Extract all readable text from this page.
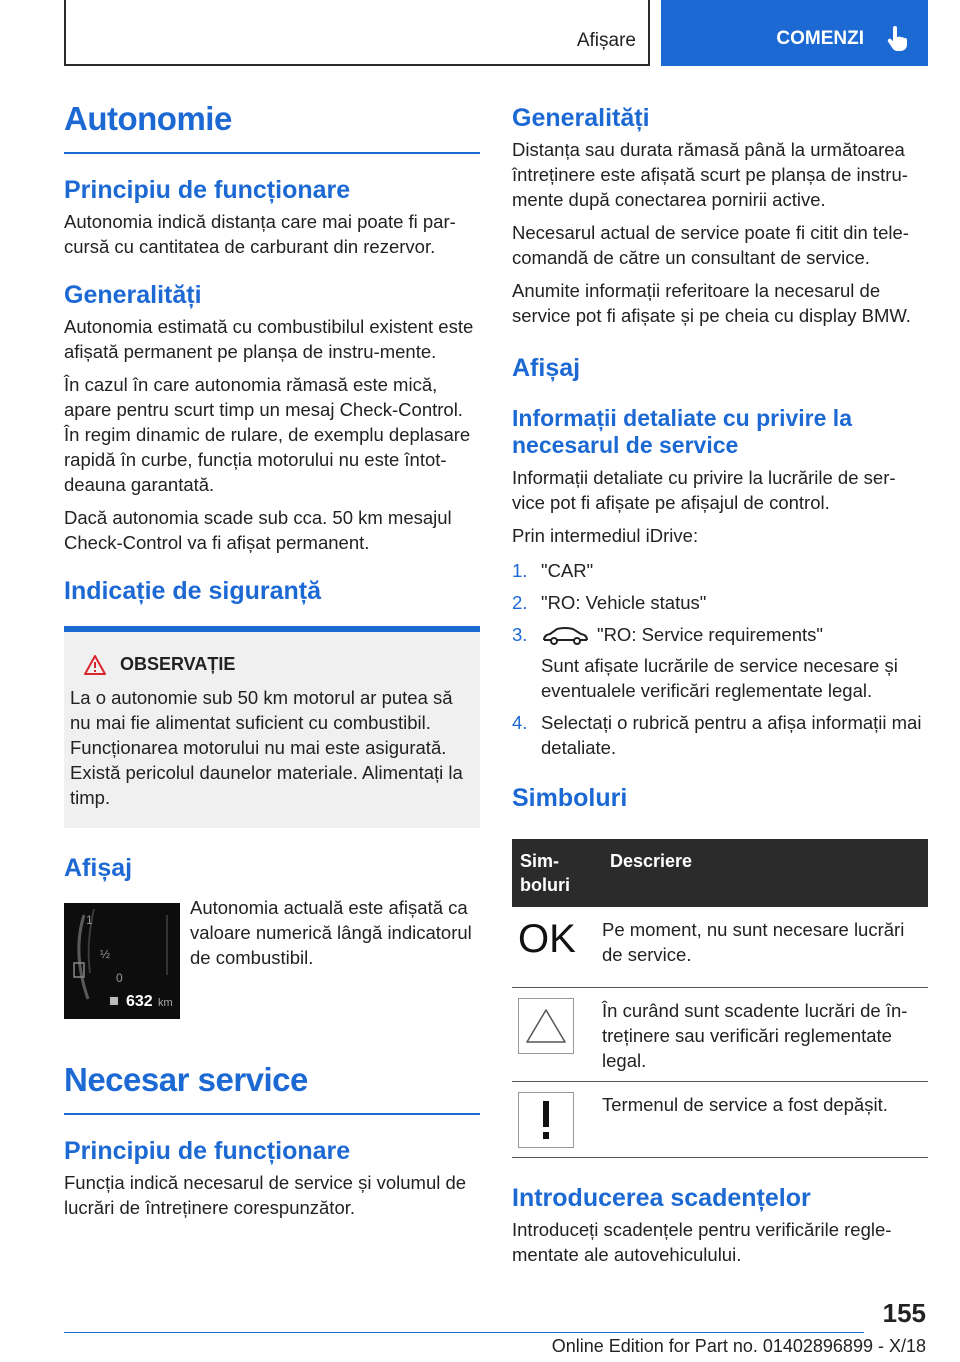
Afișare	COMENZI
Autonomie
Principiu de funcționare

Autonomia indică distanța care mai poate fi par-cursă cu cantitatea de carburant din rezervor.

Generalități

Autonomia estimată cu combustibilul existent este afișată permanent pe planșa de instru-mente.

În cazul în care autonomia rămasă este mică, apare pentru scurt timp un mesaj Check-Control. În regim dinamic de rulare, de exemplu deplasare rapidă în curbe, funcția motorului nu este întot-deauna garantată.

Dacă autonomia scade sub cca. 50 km mesajul Check-Control va fi afișat permanent.

Indicație de siguranță
OBSERVAȚIE

La o autonomie sub 50 km motorul ar putea să nu mai fie alimentat suficient cu combustibil. Funcționarea motorului nu mai este asigurată. Există pericolul daunelor materiale. Alimentați la timp.

Afișaj
1
½
0
632 km

Autonomia actuală este afișată ca valoare numerică lângă indicatorul de combustibil.

Necesar service
Principiu de funcționare

Funcția indică necesarul de service și volumul de lucrări de întreținere corespunzător.

Generalități

Distanța sau durata rămasă până la următoarea întreținere este afișată scurt pe planșa de instru-mente după conectarea pornirii active.

Necesarul actual de service poate fi citit din tele-comandă de către un consultant de service.

Anumite informații referitoare la necesarul de service pot fi afișate și pe cheia cu display BMW.

Afișaj
Informații detaliate cu privire la necesarul de service

Informații detaliate cu privire la lucrările de ser-vice pot fi afișate pe afișajul de control.

Prin intermediul iDrive:

1. "CAR"
2. "RO: Vehicle status"
3.	"RO: Service requirements"
Sunt afișate lucrările de service necesare și eventualele verificări reglementate legal.
4. Selectați o rubrică pentru a afișa informații mai detaliate.
Simboluri
Sim-boluri	Descriere
OK	Pe moment, nu sunt necesare lucrări de service.

	În curând sunt scadente lucrări de în-treținere sau verificări reglementate legal.

	Termenul de service a fost depășit.
Introducerea scadențelor

Introduceți scadențele pentru verificările regle-mentate ale autovehiculului.

155
Online Edition for Part no. 01402896899 - X/18
